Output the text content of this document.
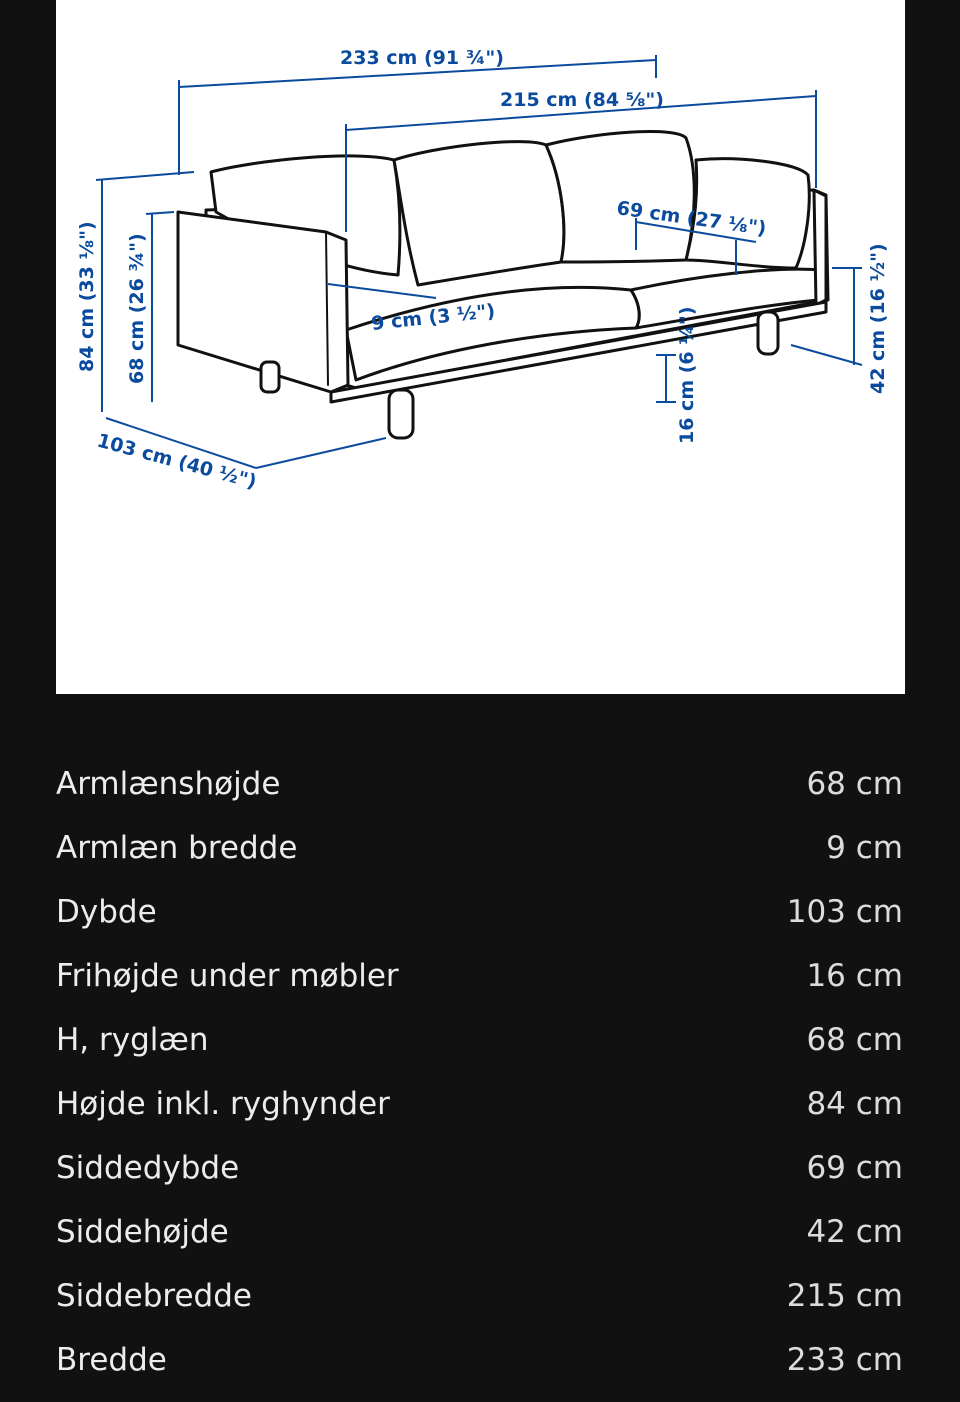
233 cm (91 ¾")
215 cm (84 ⅝")
69 cm (27 ⅛")
9 cm (3 ½")
84 cm (33 ⅛") 68 cm (26 ¾")
103 cm (40 ½")
16 cm (6 ¼")	42 cm (16 ½")
Armlænshøjde	68 cm
Armlæn bredde	9 cm
Dybde	103 cm
Frihøjde under møbler	16 cm
H, ryglæn	68 cm
Højde inkl. ryghynder	84 cm
Siddedybde	69 cm
Siddehøjde	42 cm
Siddebredde	215 cm
Bredde	233 cm
